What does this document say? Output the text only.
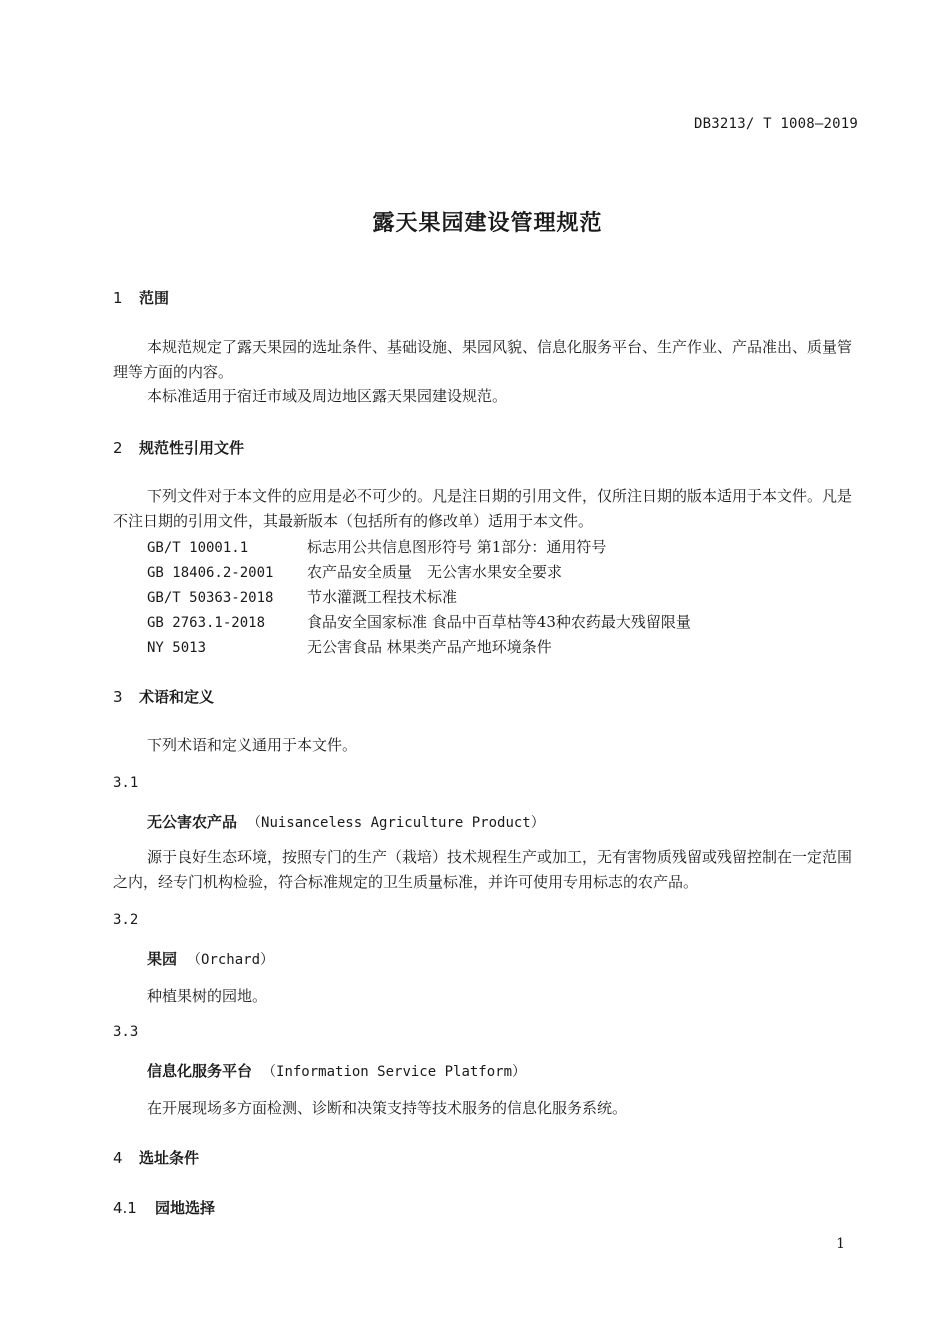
DB3213/ T 1008—2019
露天果园建设管理规范
1 范围
本规范规定了露天果园的选址条件、基础设施、果园风貌、信息化服务平台、生产作业、产品准出、质量管理等方面的内容。
本标准适用于宿迁市域及周边地区露天果园建设规范。
2 规范性引用文件
下列文件对于本文件的应用是必不可少的。凡是注日期的引用文件，仅所注日期的版本适用于本文件。凡是不注日期的引用文件，其最新版本（包括所有的修改单）适用于本文件。
GB/T 10001.1	标志用公共信息图形符号 第1部分：通用符号
GB 18406.2-2001 农产品安全质量　无公害水果安全要求
GB/T 50363-2018 节水灌溉工程技术标准
GB 2763.1-2018	食品安全国家标准 食品中百草枯等43种农药最大残留限量
NY 5013	无公害食品 林果类产品产地环境条件
3 术语和定义
下列术语和定义通用于本文件。
3.1
无公害农产品 （Nuisanceless Agriculture Product）
源于良好生态环境，按照专门的生产（栽培）技术规程生产或加工，无有害物质残留或残留控制在一定范围之内，经专门机构检验，符合标准规定的卫生质量标准，并许可使用专用标志的农产品。
3.2
果园 （Orchard）
种植果树的园地。
3.3
信息化服务平台 （Information Service Platform）
在开展现场多方面检测、诊断和决策支持等技术服务的信息化服务系统。
4 选址条件
4.1 园地选择
1
